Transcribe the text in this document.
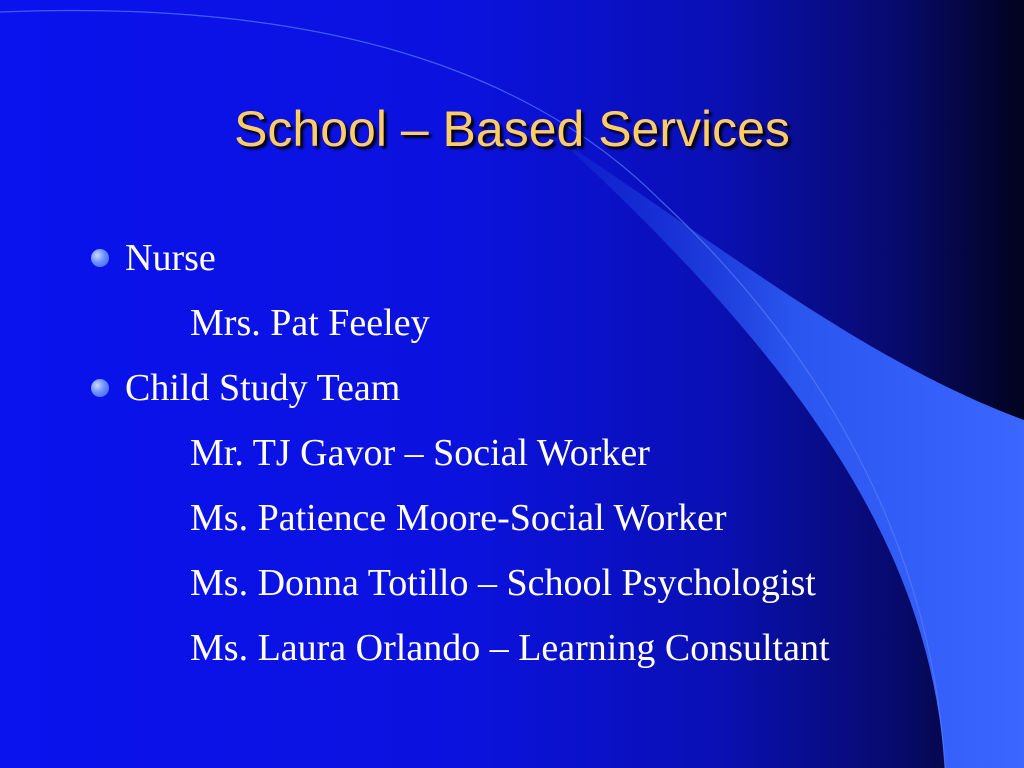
School – Based Services
Nurse
Mrs. Pat Feeley
Child Study Team
Mr. TJ Gavor – Social Worker
Ms. Patience Moore-Social Worker
Ms. Donna Totillo – School Psychologist
Ms. Laura Orlando – Learning Consultant
